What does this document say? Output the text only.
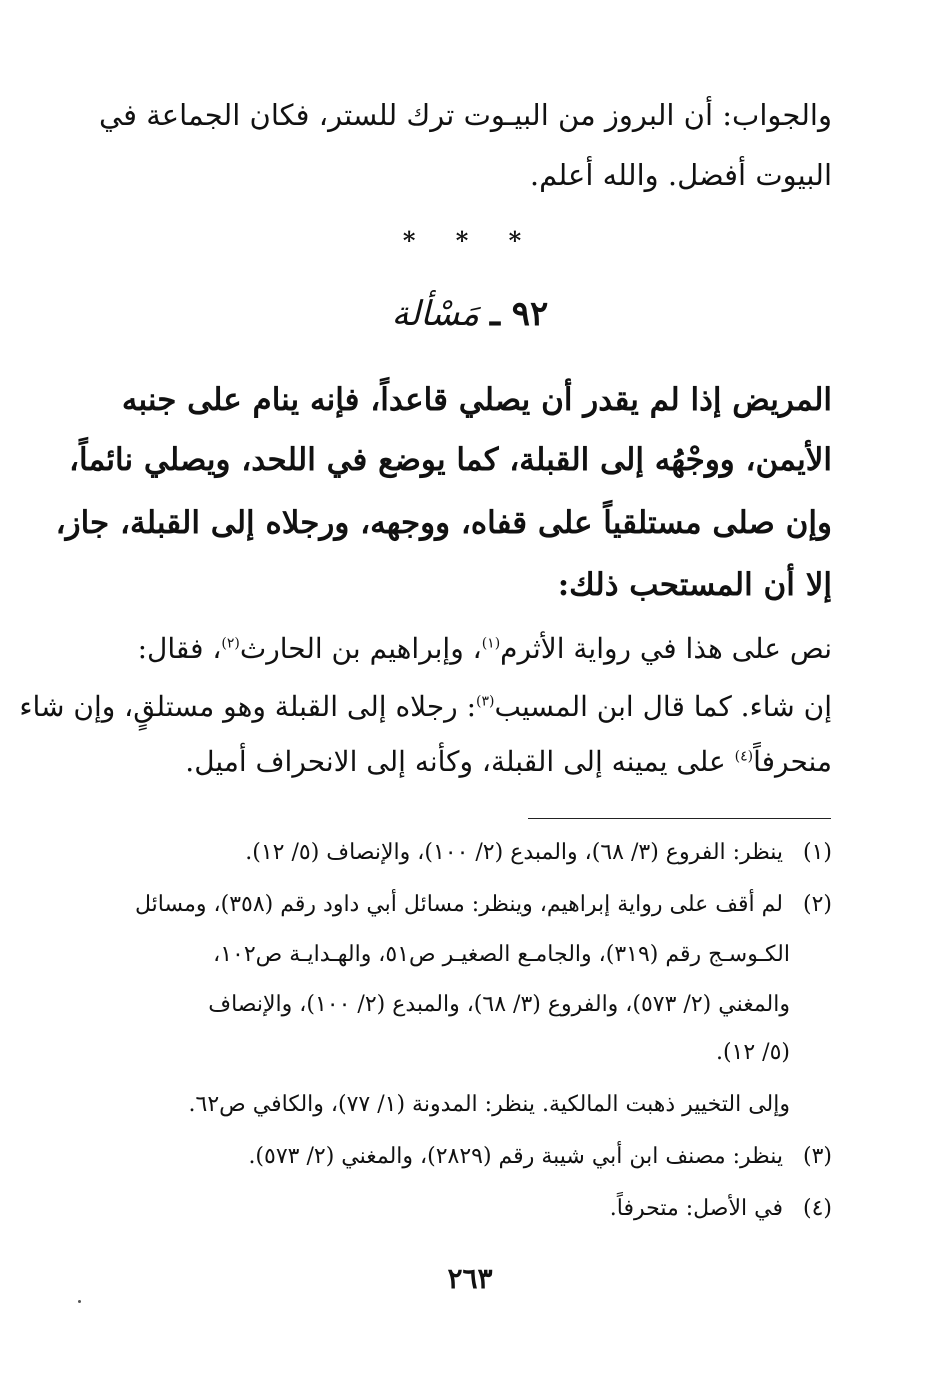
والجواب: أن البروز من البيـوت ترك للستر، فكان الجماعة في
البيوت أفضل. والله أعلم.
* * *
٩٢ ـ مَسْألة
المريض إذا لم يقدر أن يصلي قاعداً، فإنه ينام على جنبه
الأيمن، ووجْهُه إلى القبلة، كما يوضع في اللحد، ويصلي نائماً،
وإن صلى مستلقياً على قفاه، ووجهه، ورجلاه إلى القبلة، جاز،
إلا أن المستحب ذلك:
نص على هذا في رواية الأثرم$^{(١)}$، وإبراهيم بن الحارث$^{(٢)}$، فقال:
إن شاء. كما قال ابن المسيب$^{(٣)}$: رجلاه إلى القبلة وهو مستلقٍ، وإن شاء
منحرفاً$^{(٤)}$ على يمينه إلى القبلة، وكأنه إلى الانحراف أميل.
(١) ينظر: الفروع (٣/ ٦٨)، والمبدع (٢/ ١٠٠)، والإنصاف (٥/ ١٢).
(٢) لم أقف على رواية إبراهيم، وينظر: مسائل أبي داود رقم (٣٥٨)، ومسائل
الكـوسـج رقم (٣١٩)، والجامـع الصغيـر ص٥١، والهـدايـة ص١٠٢،
والمغني (٢/ ٥٧٣)، والفروع (٣/ ٦٨)، والمبدع (٢/ ١٠٠)، والإنصاف
(٥/ ١٢).
وإلى التخيير ذهبت المالكية. ينظر: المدونة (١/ ٧٧)، والكافي ص٦٢.
(٣) ينظر: مصنف ابن أبي شيبة رقم (٢٨٢٩)، والمغني (٢/ ٥٧٣).
(٤) في الأصل: متحرفاً.
٢٦٣
